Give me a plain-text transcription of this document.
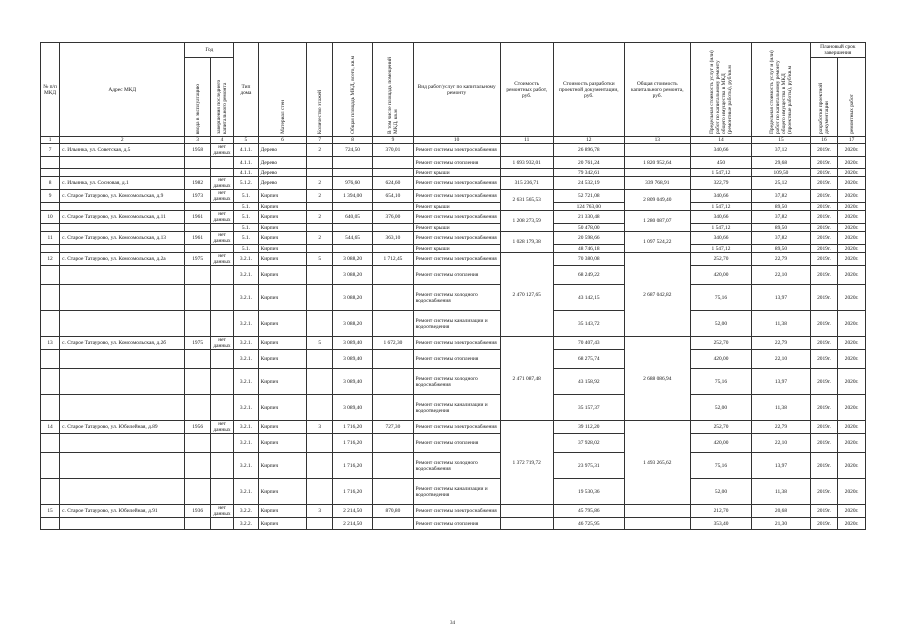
№ п/п МКД	Адрес МКД	Год		Тип дома	Материал стен	Количество этажей	Общая площадь МКД, всего, кв.м	В том числе площадь помещений МКД, кв.м	Вид работ/услуг по капитальному ремонту	Стоимость ремонтных работ, руб.	Стоимость разработки проектной документации, руб.	Общая стоимость капитального ремонта, руб.	Предельная стоимость услуг и (или) работ по капитальному ремонту общего имущества в МКД (ремонтные работы), руб/кв.м	Предельная стоимость услуг и (или) работ по капитальному ремонту общего имущества в МКД (проектные работы), руб/кв.м	Плановый срок завершения	
		ввода в эксплуатацию	завершения последнего капитального ремонта												разработки проектной документации	ремонтных работ
1	2	3	4	5	6	7	8	9	10	11	12	13	14	15	16	17
7	с. Ильинка, ул. Советская, д.5	1958	нет данных	4.1.1.	Дерево	2	724,50	370,01	Ремонт системы электроснабжения		26 896,78		340,66	37,12	2019г.	2020г.
				4.1.1.	Дерево				Ремонт системы отопления	1 693 932,01	20 761,24	1 820 952,64	450	29,68	2019г.	2020г.
				4.1.1.	Дерево				Ремонт крыши		79 342,61		1 547,12	109,50	2019г.	2020г.
8	с. Ильинка, ул. Сосновая, д.1	1982	нет данных	5.1.2.	Дерево	2	976,60	624,60	Ремонт системы электроснабжения	315 236,71	24 532,19	339 768,91	322,79	25,12	2019г.	2020г.
9	с. Старое Татаурово, ул. Комсомольская, д.9	1973	нет данных	5.1.	Кирпич	2	1 394,00	654,10	Ремонт системы электроснабжения	2 631 565,53	52 721,08	2 809 049,40	340,66	37,82	2019г.	2020г.
				5.1.	Кирпич				Ремонт крыши		124 763,00		1 547,12	89,50	2019г.	2020г.
10	с. Старое Татаурово, ул. Комсомольская, д.11	1961	нет данных	5.1.	Кирпич	2	640,05	376,00	Ремонт системы электроснабжения	1 208 273,59	21 330,48	1 280 087,07	340,66	37,82	2019г.	2020г.
				5.1.	Кирпич				Ремонт крыши		50 478,00		1 547,12	89,50	2019г.	2020г.
11	с. Старое Татаурово, ул. Комсомольская, д.13	1961	нет данных	5.1.	Кирпич	2	544,65	363,10	Ремонт системы электроснабжения	1 028 179,38	20 598,66	1 097 524,22	340,66	37,82	2019г.	2020г.
				5.1.	Кирпич				Ремонт крыши		48 746,18		1 547,12	89,50	2019г.	2020г.
12	с. Старое Татаурово, ул. Комсомольская, д.2а	1975	нет данных	3.2.1.	Кирпич	5	3 088,20	1 712,45	Ремонт системы электроснабжения	2 470 127,65	70 380,08	2 687 042,82	252,70	22,79	2019г.	2020г.
				3.2.1.	Кирпич		3 088,20		Ремонт системы отопления		68 249,22		420,00	22,10	2019г.	2020г.
				3.2.1.	Кирпич		3 088,20		Ремонт системы холодного водоснабжения		43 142,15		75,16	13,97	2019г.	2020г.
				3.2.1.	Кирпич		3 088,20		Ремонт системы канализации и водоотведения		35 143,72		52,00	11,38	2019г.	2020г.
13	с. Старое Татаурово, ул. Комсомольская, д.2б	1975	нет данных	3.2.1.	Кирпич	5	3 089,40	1 672,30	Ремонт системы электроснабжения	2 471 087,48	70 407,43	2 688 086,94	252,70	22,79	2019г.	2020г.
				3.2.1.	Кирпич		3 089,40		Ремонт системы отопления		68 275,74		420,00	22,10	2019г.	2020г.
				3.2.1.	Кирпич		3 089,40		Ремонт системы холодного водоснабжения		43 158,92		75,16	13,97	2019г.	2020г.
				3.2.1.	Кирпич		3 089,40		Ремонт системы канализации и водоотведения		35 157,37		52,00	11,38	2019г.	2020г.
14	с. Старое Татаурово, ул. Юбилейная, д.89	1956	нет данных	3.2.1.	Кирпич	3	1 716,20	727,30	Ремонт системы электроснабжения	1 372 719,72	39 112,20	1 493 265,62	252,70	22,79	2019г.	2020г.
				3.2.1.	Кирпич		1 716,20		Ремонт системы отопления		37 928,02		420,00	22,10	2019г.	2020г.
				3.2.1.	Кирпич		1 716,20		Ремонт системы холодного водоснабжения		23 975,31		75,16	13,97	2019г.	2020г.
				3.2.1.	Кирпич		1 716,20		Ремонт системы канализации и водоотведения		19 530,36		52,00	11,38	2019г.	2020г.
15	с. Старое Татаурово, ул. Юбилейная, д.91	1936	нет данных	3.2.2.	Кирпич	3	2 214,50	870,80	Ремонт системы электроснабжения		45 795,86		212,70	20,68	2019г.	2020г.
				3.2.2.	Кирпич		2 214,50		Ремонт системы отопления		46 725,95		353,40	21,30	2019г.	2020г.
34
